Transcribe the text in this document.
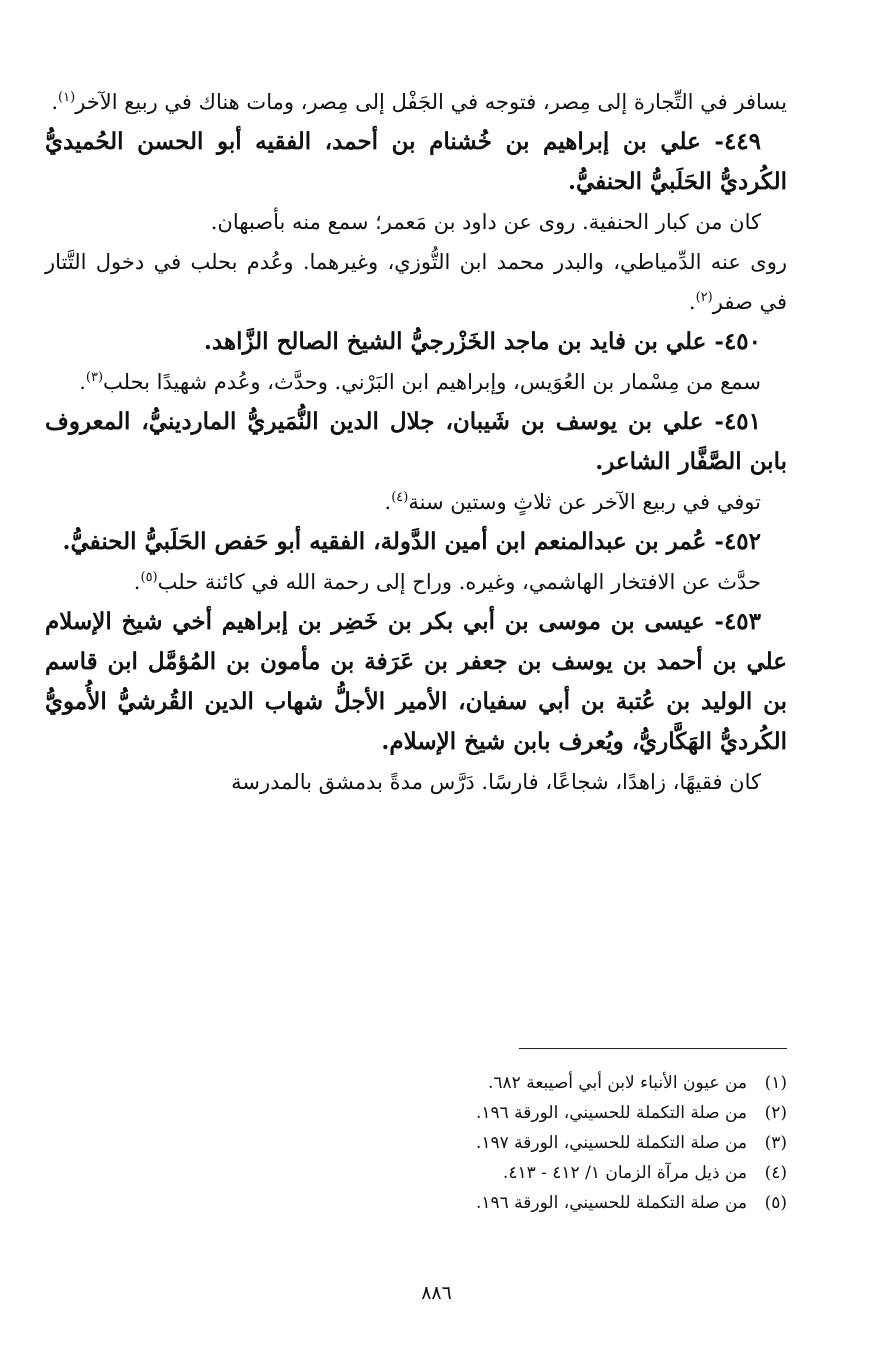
يسافر في التِّجارة إلى مِصر، فتوجه في الجَفْل إلى مِصر، ومات هناك في ربيع الآخر$^{(١)}$.

٤٤٩- علي بن إبراهيم بن خُشنام بن أحمد، الفقيه أبو الحسن الحُميديُّ الكُرديُّ الحَلَبيُّ الحنفيُّ.

كان من كبار الحنفية. روى عن داود بن مَعمر؛ سمع منه بأصبهان.

روى عنه الدِّمياطي، والبدر محمد ابن التُّوزي، وغيرهما. وعُدم بحلب في دخول التَّتار في صفر$^{(٢)}$.

٤٥٠- علي بن فايد بن ماجد الخَزْرجيُّ الشيخ الصالح الزَّاهد.

سمع من مِسْمار بن العُوَيس، وإبراهيم ابن البَرْني. وحدَّث، وعُدم شهيدًا بحلب$^{(٣)}$.

٤٥١- علي بن يوسف بن شَيبان، جلال الدين النُّمَيريُّ الماردينيُّ، المعروف بابن الصَّفَّار الشاعر.

توفي في ربيع الآخر عن ثلاثٍ وستين سنة$^{(٤)}$.

٤٥٢- عُمر بن عبدالمنعم ابن أمين الدَّولة، الفقيه أبو حَفص الحَلَبيُّ الحنفيُّ.

حدَّث عن الافتخار الهاشمي، وغيره. وراح إلى رحمة الله في كائنة حلب$^{(٥)}$.

٤٥٣- عيسى بن موسى بن أبي بكر بن خَضِر بن إبراهيم أخي شيخ الإسلام علي بن أحمد بن يوسف بن جعفر بن عَرَفة بن مأمون بن المُؤمَّل ابن قاسم بن الوليد بن عُتبة بن أبي سفيان، الأمير الأجلُّ شهاب الدين القُرشيُّ الأُمويُّ الكُرديُّ الهَكَّاريُّ، ويُعرف بابن شيخ الإسلام.

كان فقيهًا، زاهدًا، شجاعًا، فارسًا. دَرَّس مدةً بدمشق بالمدرسة

(١)
من عيون الأنباء لابن أبي أصيبعة ٦٨٢.
(٢)
من صلة التكملة للحسيني، الورقة ١٩٦.
(٣)
من صلة التكملة للحسيني، الورقة ١٩٧.
(٤)
من ذيل مرآة الزمان ١/ ٤١٢ - ٤١٣.
(٥)
من صلة التكملة للحسيني، الورقة ١٩٦.
٨٨٦
